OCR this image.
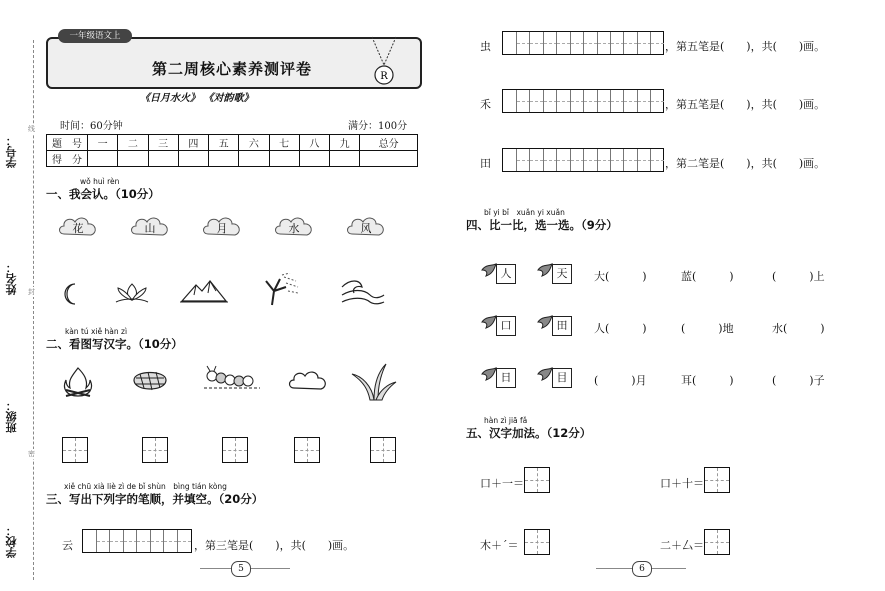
学号：
姓名：
班级：
学校：
线
封
密
一年级语文上
第二周核心素养测评卷	R
《日月水火》 《对韵歌》
时间：60分钟	满分：100分
题　号	一	二	三	四	五	六	七	八	九	总分
得　分										
wǒ huì rèn
一、我会认。（10分）
花	山	月	水	风
kàn tú xiě hàn zì
二、看图写汉字。（10分）
xiě chū xià liè zì de bǐ shùn　bìng tián kòng
三、写出下列字的笔顺，并填空。（20分）
云	，第三笔是(　　)，共(　　)画。
虫	，第五笔是(　　)，共(　　)画。
禾	，第五笔是(　　)，共(　　)画。
田	，第二笔是(　　)，共(　　)画。
bǐ yi bǐ　xuǎn yi xuǎn
四、比一比，选一选。（9分）
人	天	大(　　　)	蓝(　　　)	(　　　)上
口	田	人(　　　)	(　　　)地	水(　　　)
日	目	(　　　)月	耳(　　　)	(　　　)子
hàn zì jiā fǎ
五、汉字加法。（12分）
口＋一＝	口＋十＝
木＋ˊ＝	二＋厶＝
5	6
